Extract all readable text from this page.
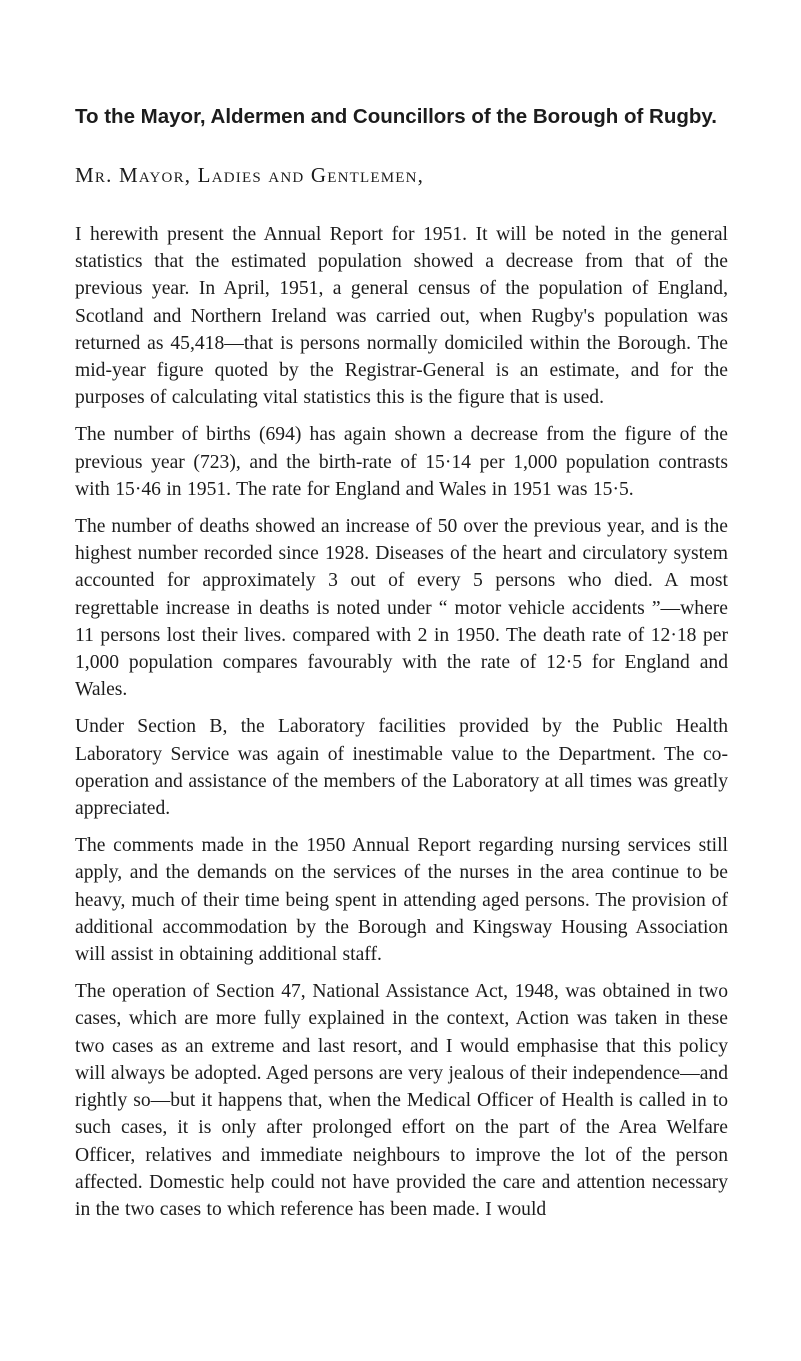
To the Mayor, Aldermen and Councillors of the Borough of Rugby.

Mr. Mayor, Ladies and Gentlemen,

I herewith present the Annual Report for 1951. It will be noted in the general statistics that the estimated population showed a decrease from that of the previous year. In April, 1951, a general census of the population of England, Scotland and Northern Ireland was carried out, when Rugby's population was returned as 45,418—that is persons normally domiciled within the Borough. The mid-year figure quoted by the Registrar-General is an estimate, and for the purposes of calculating vital statistics this is the figure that is used.

The number of births (694) has again shown a decrease from the figure of the previous year (723), and the birth-rate of 15·14 per 1,000 population contrasts with 15·46 in 1951. The rate for England and Wales in 1951 was 15·5.

The number of deaths showed an increase of 50 over the previous year, and is the highest number recorded since 1928. Diseases of the heart and circulatory system accounted for approximately 3 out of every 5 persons who died. A most regrettable increase in deaths is noted under “ motor vehicle accidents ”—where 11 persons lost their lives. compared with 2 in 1950. The death rate of 12·18 per 1,000 population compares favourably with the rate of 12·5 for England and Wales.

Under Section B, the Laboratory facilities provided by the Public Health Laboratory Service was again of inestimable value to the Department. The co-operation and assistance of the members of the Laboratory at all times was greatly appreciated.

The comments made in the 1950 Annual Report regarding nursing services still apply, and the demands on the services of the nurses in the area continue to be heavy, much of their time being spent in attending aged persons. The provision of additional accommodation by the Borough and Kingsway Housing Association will assist in obtaining additional staff.

The operation of Section 47, National Assistance Act, 1948, was obtained in two cases, which are more fully explained in the context, Action was taken in these two cases as an extreme and last resort, and I would emphasise that this policy will always be adopted. Aged persons are very jealous of their independence—and rightly so—but it happens that, when the Medical Officer of Health is called in to such cases, it is only after prolonged effort on the part of the Area Welfare Officer, relatives and immediate neighbours to improve the lot of the person affected. Domestic help could not have provided the care and attention necessary in the two cases to which reference has been made. I would
